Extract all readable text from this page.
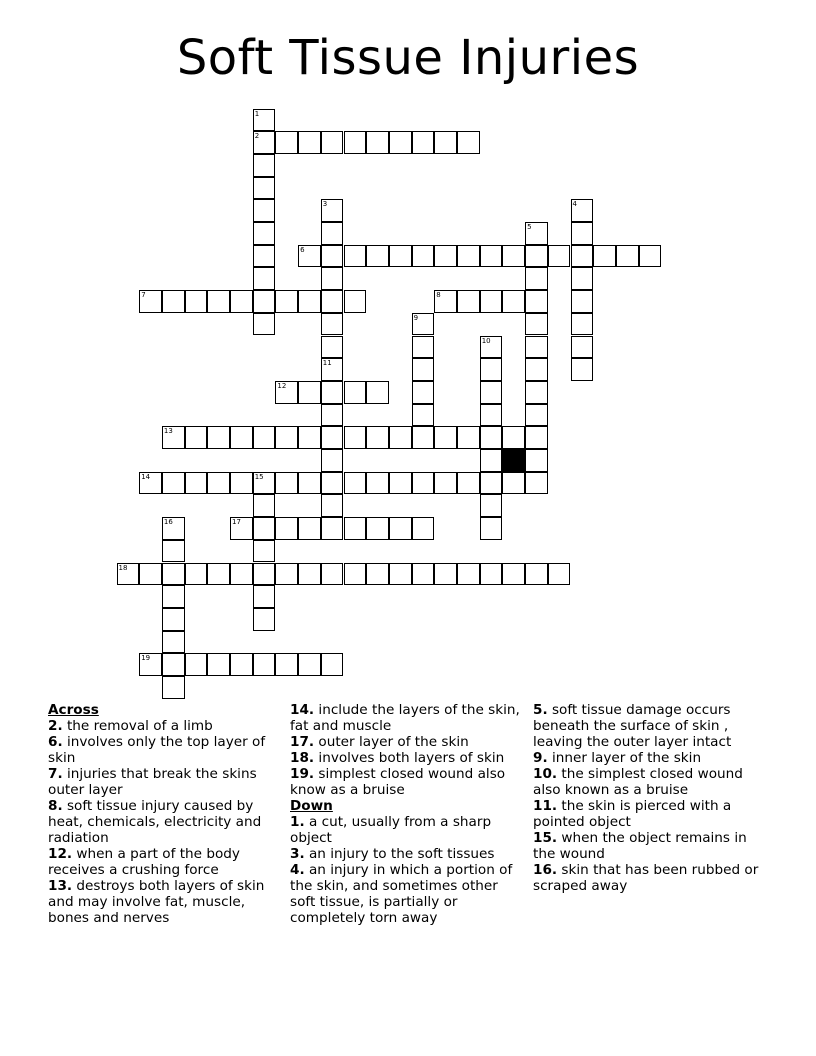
Soft Tissue Injuries
1
2
3
11
4
5
6
7	8
9
10
12
13
14	15
16	17
18
19
Across
2. the removal of a limb
6. involves only the top layer of skin
7. injuries that break the skins outer layer
8. soft tissue injury caused by heat, chemicals, electricity and radiation
12. when a part of the body receives a crushing force
13. destroys both layers of skin and may involve fat, muscle, bones and nerves
14. include the layers of the skin, fat and muscle
17. outer layer of the skin
18. involves both layers of skin
19. simplest closed wound also know as a bruise
Down
1. a cut, usually from a sharp object
3. an injury to the soft tissues
4. an injury in which a portion of the skin, and sometimes other soft tissue, is partially or completely torn away
5. soft tissue damage occurs beneath the surface of skin , leaving the outer layer intact
9. inner layer of the skin
10. the simplest closed wound also known as a bruise
11. the skin is pierced with a pointed object
15. when the object remains in the wound
16. skin that has been rubbed or scraped away
